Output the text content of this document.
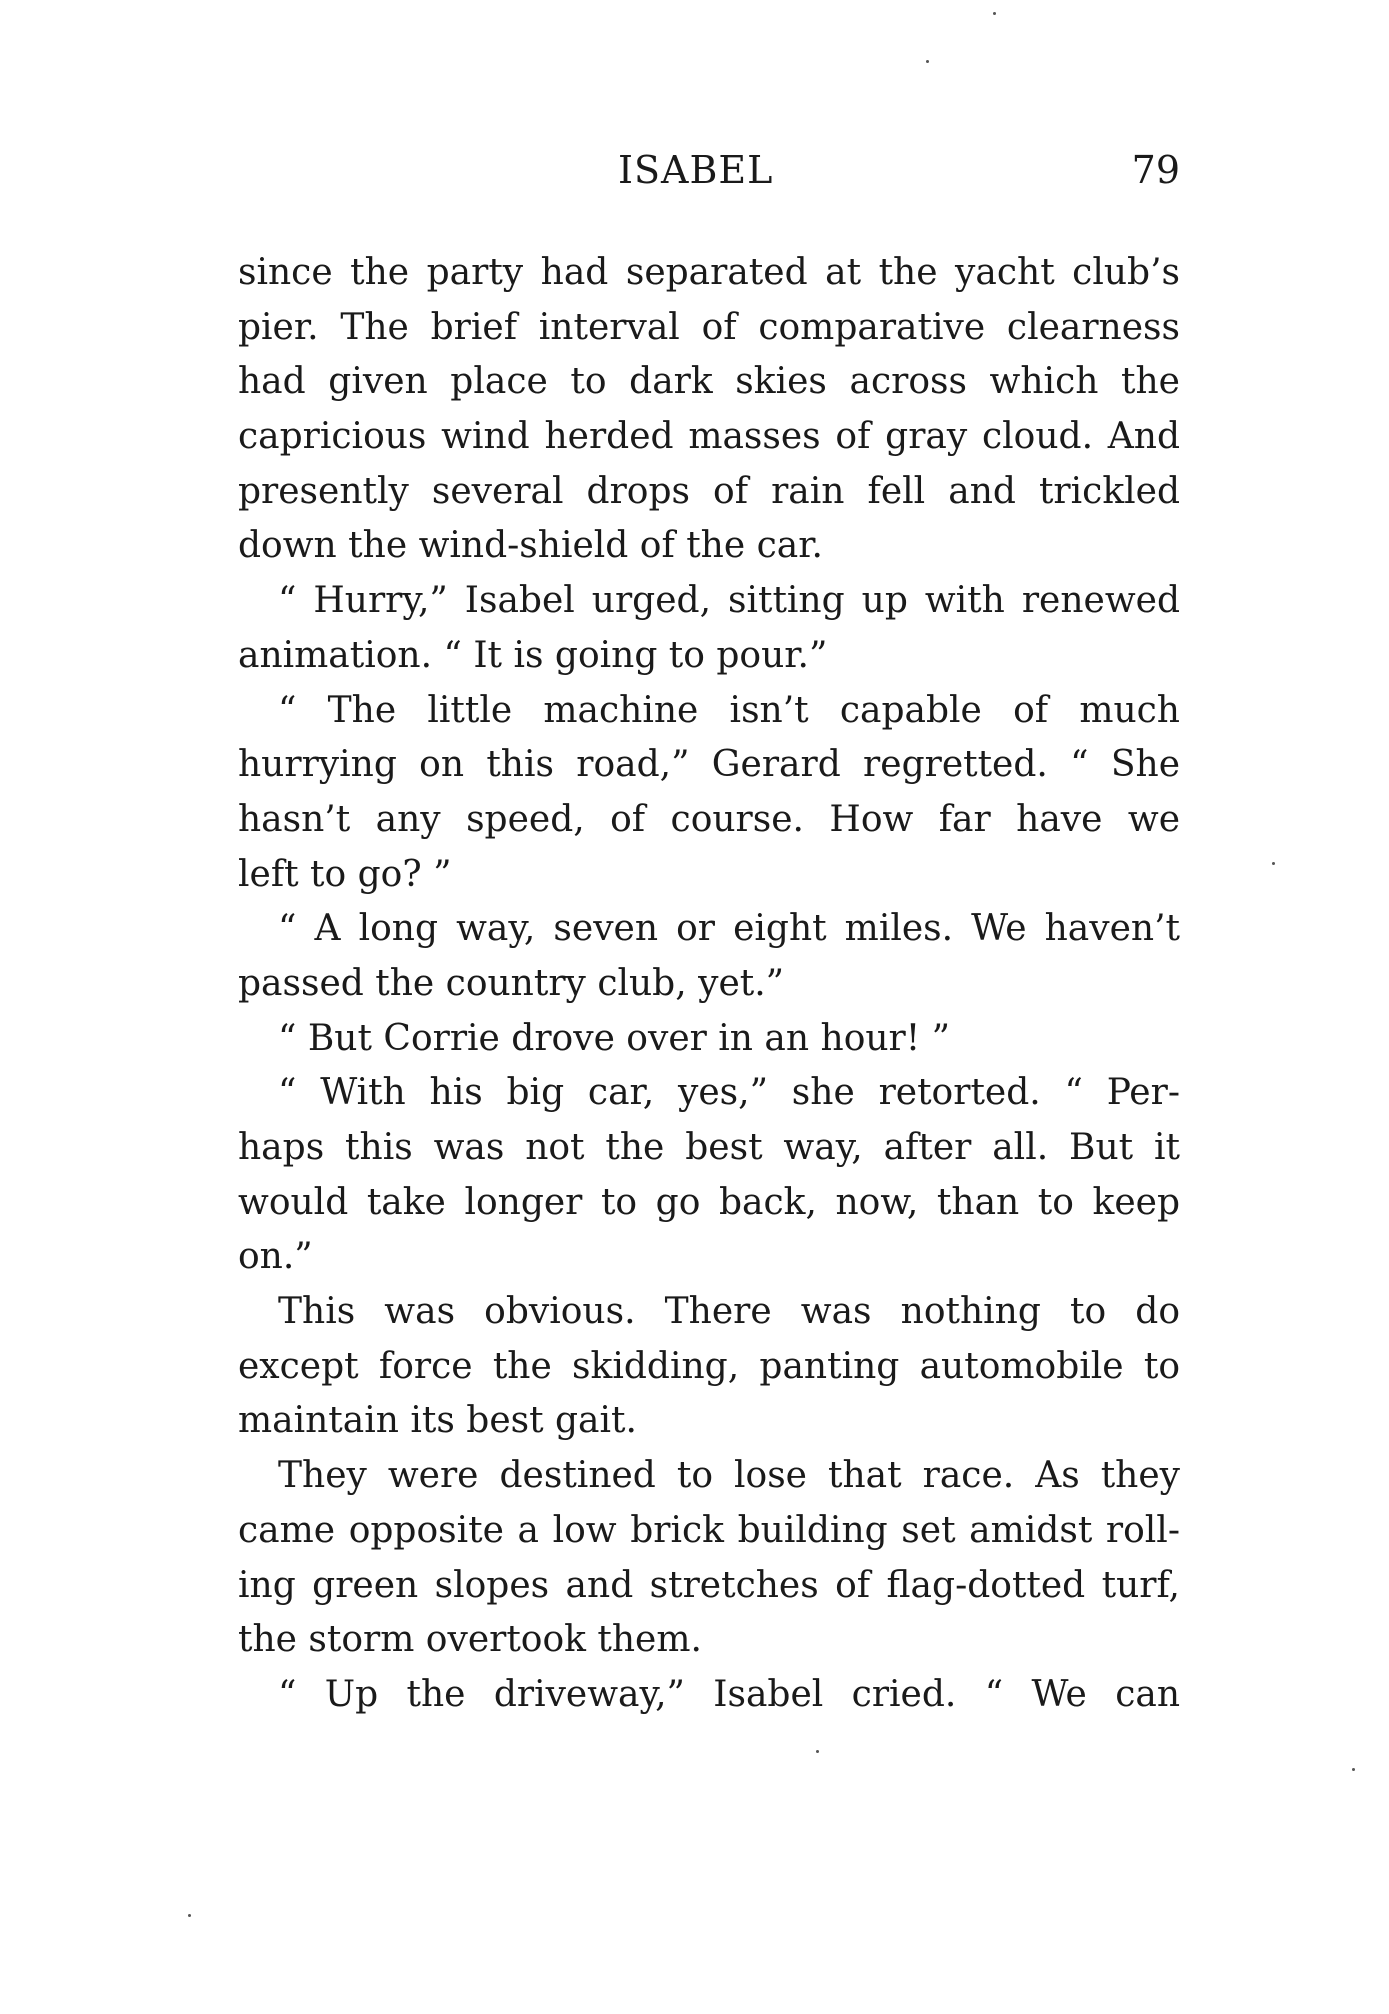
ISABEL	79
since the party had separated at the yacht club’s
pier. The brief interval of comparative clearness
had given place to dark skies across which the
capricious wind herded masses of gray cloud. And
presently several drops of rain fell and trickled
down the wind-shield of the car.
“ Hurry,” Isabel urged, sitting up with renewed
animation. “ It is going to pour.”
“ The little machine isn’t capable of much
hurrying on this road,” Gerard regretted. “ She
hasn’t any speed, of course. How far have we
left to go? ”
“ A long way, seven or eight miles. We haven’t
passed the country club, yet.”
“ But Corrie drove over in an hour! ”
“ With his big car, yes,” she retorted. “ Per-
haps this was not the best way, after all. But it
would take longer to go back, now, than to keep
on.”
This was obvious. There was nothing to do
except force the skidding, panting automobile to
maintain its best gait.
They were destined to lose that race. As they
came opposite a low brick building set amidst roll-
ing green slopes and stretches of flag-dotted turf,
the storm overtook them.
“ Up the driveway,” Isabel cried. “ We can
